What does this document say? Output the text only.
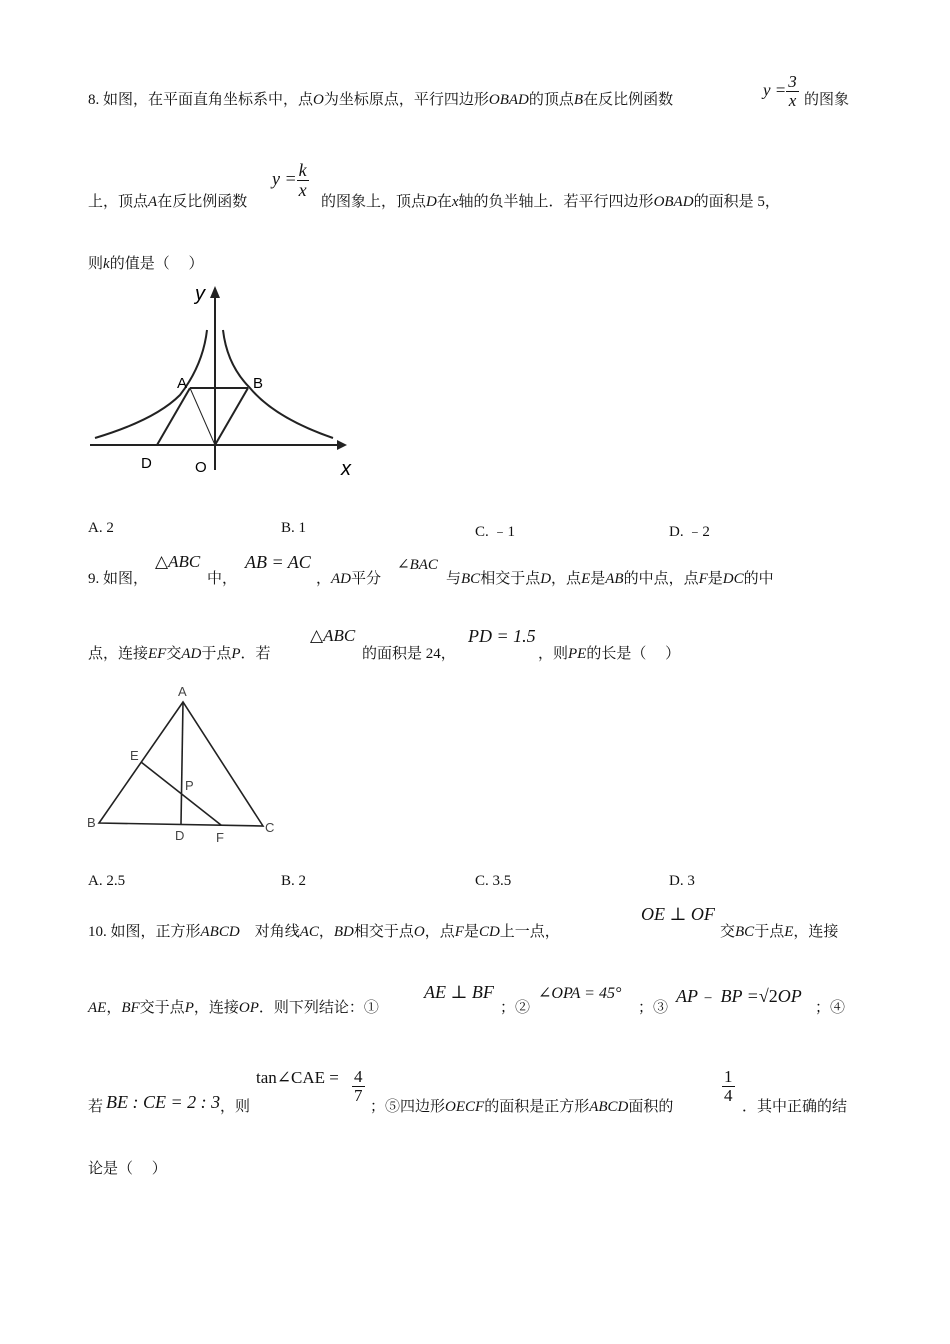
8. 如图，在平面直角坐标系中，点O为坐标原点，平行四边形OBAD的顶点B在反比例函数
$y = \frac{3}{x}$ 的图象
上，顶点A在反比例函数
$y = \frac{k}{x}$
的图象上，顶点D在x轴的负半轴上．若平行四边形OBAD的面积是 5，
则k的值是（　 ）
y
x
A	B
D	O
A. 2	B. 1	C. ﹣1	D. ﹣2
9. 如图，
△ABC
中，
AB = AC
，AD平分
∠BAC
与BC相交于点D，点E是AB的中点，点F是DC的中
点，连接EF交AD于点P．若
△ABC
的面积是 24，
PD = 1.5
，则PE的长是（　 ）
A
B	C
D
E
F
P
A. 2.5	B. 2	C. 3.5	D. 3
10. 如图，正方形ABCD　对角线AC，BD相交于点O，点F是CD上一点，
OE ⊥ OF
交BC于点E，连接
AE，BF交于点P，连接OP．则下列结论：①
AE ⊥ BF
；②
∠OPA = 45°
；③
AP﹣ BP =√2OP
；④
若 BE : CE = 2 : 3 ，则
tan∠CAE = $\frac{4}{7}$
；⑤四边形OECF的面积是正方形ABCD面积的
$\frac{1}{4}$
．其中正确的结
论是（　 ）
